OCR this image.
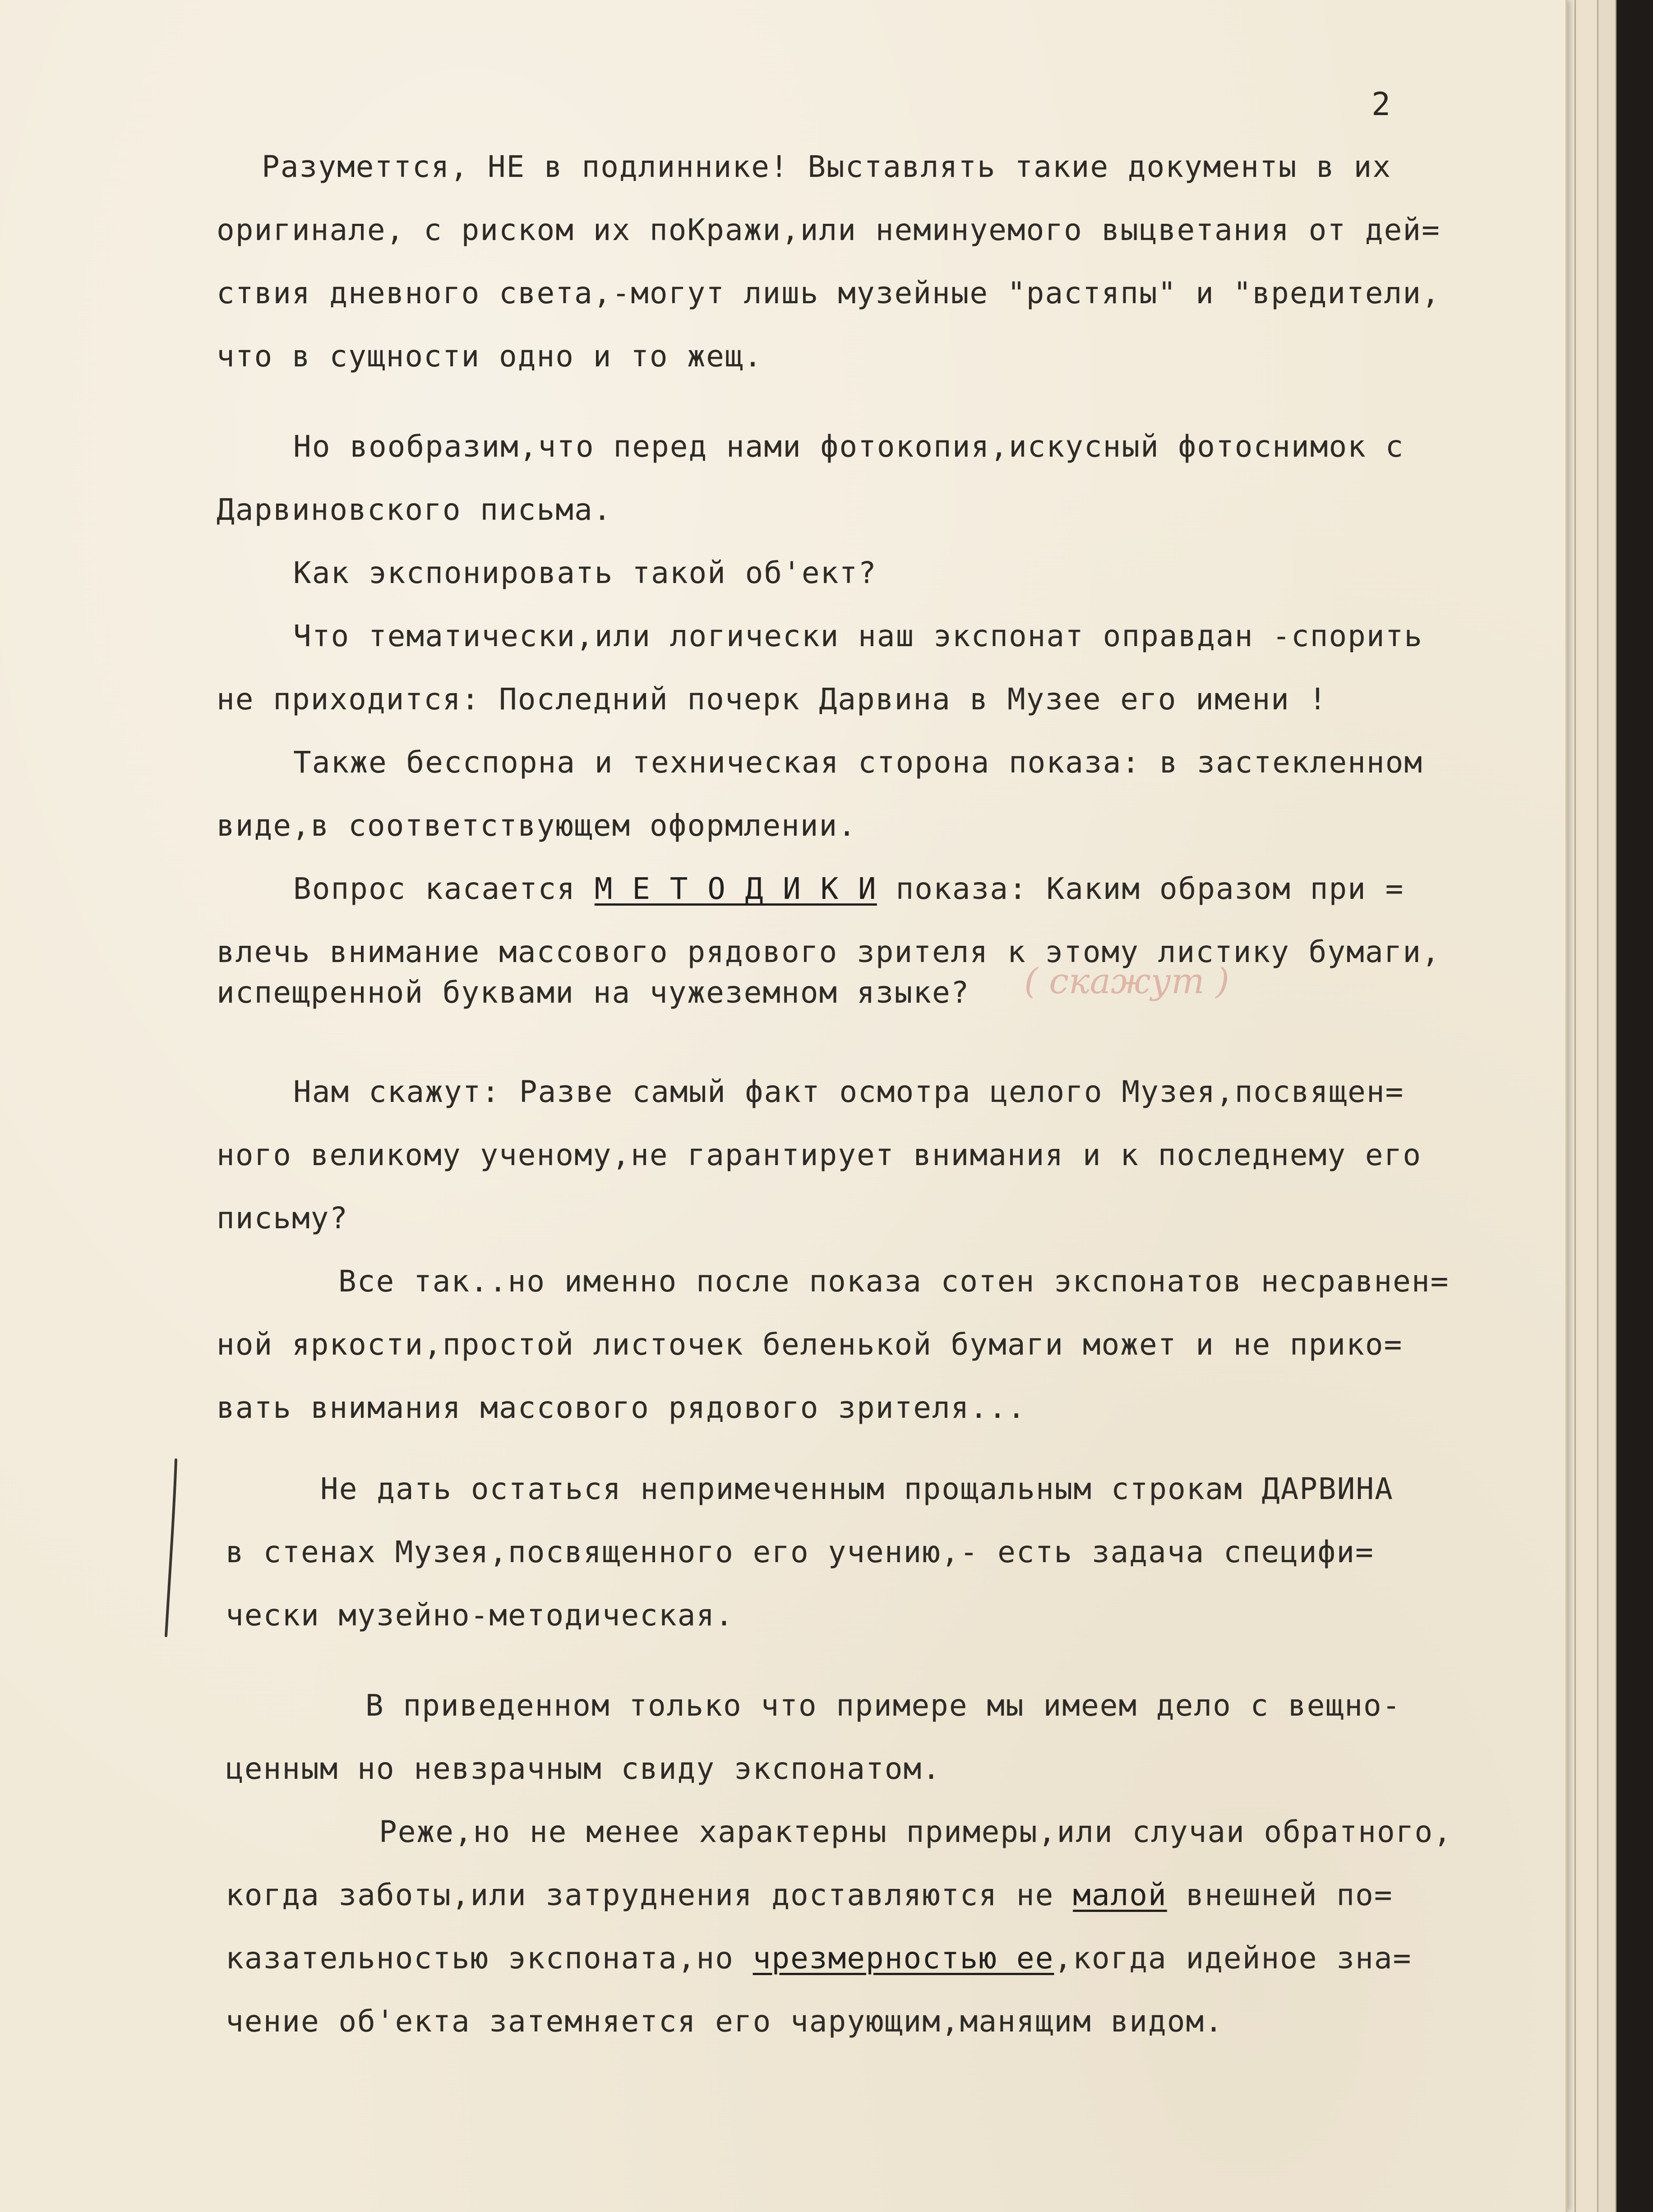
2

Разуметтся, НЕ в подлиннике! Выставлять такие документы в их

оригинале, с риском их поКражи,или неминуемого выцветания от дей=

ствия дневного света,-могут лишь музейные "растяпы" и "вредители,

что в сущности одно и то жещ.

Но вообразим,что перед нами фотокопия,искусный фотоснимок с

Дарвиновского письма.

Как экспонировать такой об'ект?

Что тематически,или логически наш экспонат оправдан -спорить

не приходится: Последний почерк Дарвина в Музее его имени !

Также бесспорна и техническая сторона показа: в застекленном

виде,в соответствующем оформлении.

Вопрос касается М Е Т О Д И К И показа: Каким образом при =

влечь внимание массового рядового зрителя к этому листику бумаги,

испещренной буквами на чужеземном языке? ( скажут )

Нам скажут: Разве самый факт осмотра целого Музея,посвящен=

ного великому ученому,не гарантирует внимания и к последнему его

письму?

Все так..но именно после показа сотен экспонатов несравнен=

ной яркости,простой листочек беленькой бумаги может и не прико=

вать внимания массового рядового зрителя...

Не дать остаться непримеченным прощальным строкам ДАРВИНА

в стенах Музея,посвященного его учению,- есть задача специфи=

чески музейно-методическая.

В приведенном только что примере мы имеем дело с вещно-

ценным но невзрачным свиду экспонатом.

Реже,но не менее характерны примеры,или случаи обратного,

когда заботы,или затруднения доставляются не малой внешней по=

казательностью экспоната,но чрезмерностью ее,когда идейное зна=

чение об'екта затемняется его чарующим,манящим видом.
